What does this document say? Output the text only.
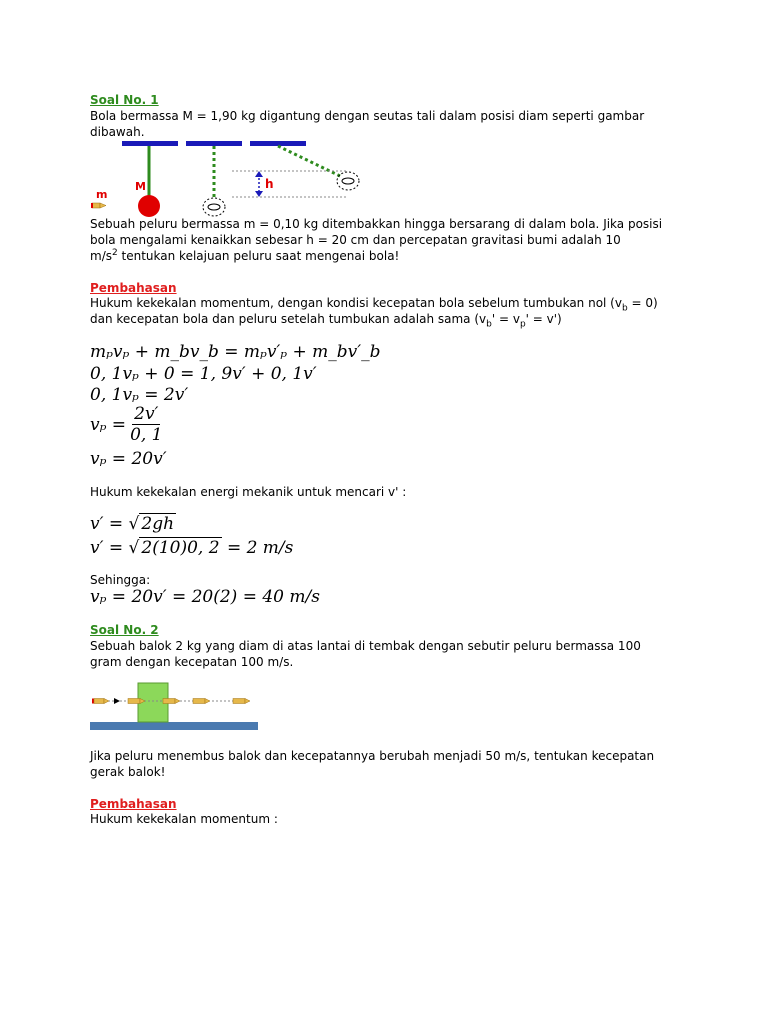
Soal No. 1
Bola bermassa M = 1,90 kg digantung dengan seutas tali dalam posisi diam seperti gambar
dibawah.
m
M	h
Sebuah peluru bermassa m = 0,10 kg ditembakkan hingga bersarang di dalam bola. Jika posisi
bola mengalami kenaikkan sebesar h = 20 cm dan percepatan gravitasi bumi adalah 10
$m/s^2$ tentukan kelajuan peluru saat mengenai bola!
Pembahasan
Hukum kekekalan momentum, dengan kondisi kecepatan bola sebelum tumbukan nol $(v_b = 0)$
dan kecepatan bola dan peluru setelah tumbukan adalah sama $(v_b' = v_p' = v')$
mₚvₚ + m_bv_b = mₚv′ₚ + m_bv′_b
0, 1vₚ + 0 = 1, 9v′ + 0, 1v′
0, 1vₚ = 2v′
$v_p = \frac{2v'}{0, 1}$
vₚ = 20v′
Hukum kekekalan energi mekanik untuk mencari v' :
v′ = √ 2gh
v′ = √ 2(10)0, 2 = 2 m/s
Sehingga:
vₚ = 20v′ = 20(2) = 40 m/s
Soal No. 2
Sebuah balok 2 kg yang diam di atas lantai di tembak dengan sebutir peluru bermassa 100
gram dengan kecepatan 100 m/s.
Jika peluru menembus balok dan kecepatannya berubah menjadi 50 m/s, tentukan kecepatan
gerak balok!
Pembahasan
Hukum kekekalan momentum :
